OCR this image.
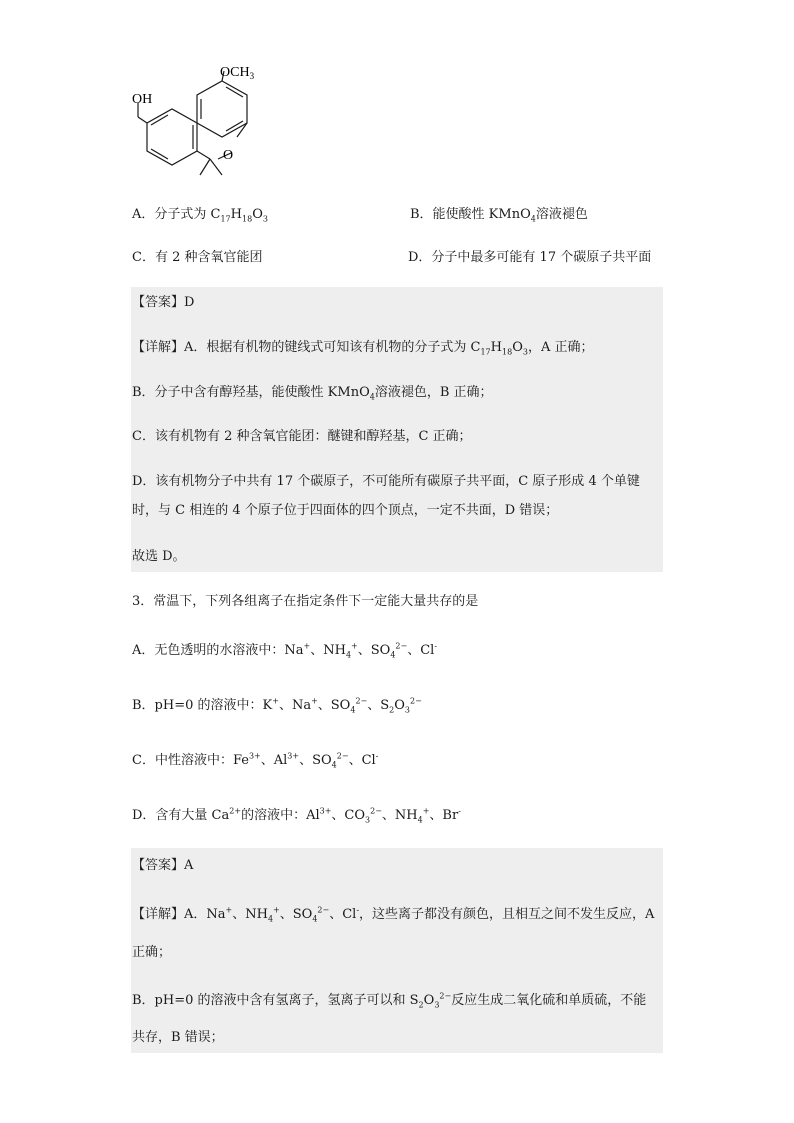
$OCH_3$
OH
O
A．分子式为 $C_{17}H_{18}O_3$	B．能使酸性 KMnO$_4$溶液褪色
C．有 2 种含氧官能团	D．分子中最多可能有 17 个碳原子共平面
【答案】D
【详解】A．根据有机物的键线式可知该有机物的分子式为 $C_{17}H_{18}O_3$，A 正确；
B．分子中含有醇羟基，能使酸性 KMnO$_4$溶液褪色，B 正确；
C．该有机物有 2 种含氧官能团：醚键和醇羟基，C 正确；
D．该有机物分子中共有 17 个碳原子，不可能所有碳原子共平面，C 原子形成 4 个单键
时，与 C 相连的 4 个原子位于四面体的四个顶点，一定不共面，D 错误；
故选 D。
3．常温下，下列各组离子在指定条件下一定能大量共存的是
A．无色透明的水溶液中：Na+、$NH_4^+$、$SO_4^{2-}$、Cl-
B．pH=0 的溶液中：K+、Na+、$SO_4^{2-}$、$S_2O_3^{2-}$
C．中性溶液中：$Fe^{3+}$、$Al^{3+}$、$SO_4^{2-}$、Cl-
D．含有大量 $Ca^{2+}$的溶液中：$Al^{3+}$、$CO_3^{2-}$、$NH_4^+$、Br-
【答案】A
【详解】A．Na+、$NH_4^+$、$SO_4^{2-}$、Cl-，这些离子都没有颜色，且相互之间不发生反应，A
正确；
B．pH=0 的溶液中含有氢离子，氢离子可以和 $S_2O_3^{2-}$反应生成二氧化硫和单质硫，不能
共存，B 错误；
